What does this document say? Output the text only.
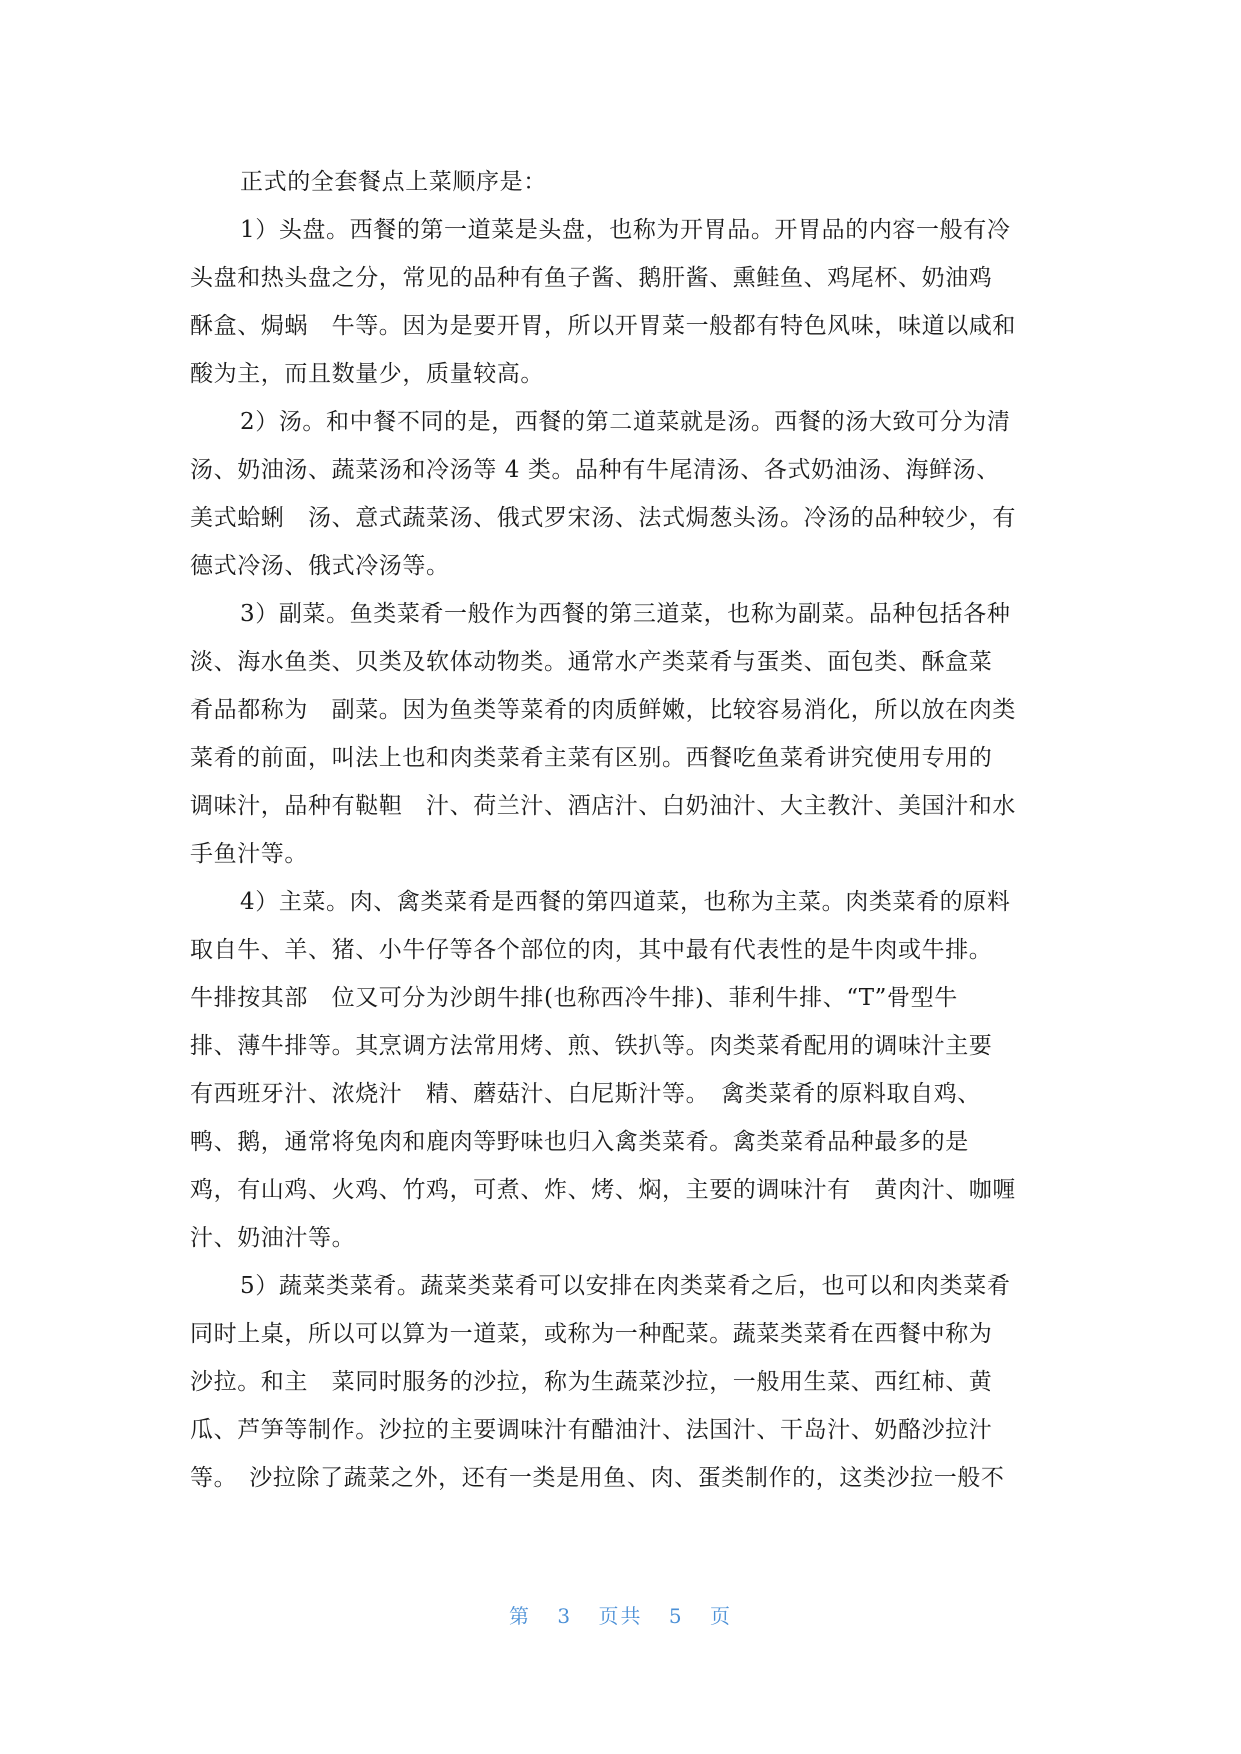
正式的全套餐点上菜顺序是：
1）头盘。西餐的第一道菜是头盘，也称为开胃品。开胃品的内容一般有冷
头盘和热头盘之分，常见的品种有鱼子酱、鹅肝酱、熏鲑鱼、鸡尾杯、奶油鸡
酥盒、焗蜗　牛等。因为是要开胃，所以开胃菜一般都有特色风味，味道以咸和
酸为主，而且数量少，质量较高。
2）汤。和中餐不同的是，西餐的第二道菜就是汤。西餐的汤大致可分为清
汤、奶油汤、蔬菜汤和冷汤等 4 类。品种有牛尾清汤、各式奶油汤、海鲜汤、
美式蛤蜊　汤、意式蔬菜汤、俄式罗宋汤、法式焗葱头汤。冷汤的品种较少，有
德式冷汤、俄式冷汤等。
3）副菜。鱼类菜肴一般作为西餐的第三道菜，也称为副菜。品种包括各种
淡、海水鱼类、贝类及软体动物类。通常水产类菜肴与蛋类、面包类、酥盒菜
肴品都称为　副菜。因为鱼类等菜肴的肉质鲜嫩，比较容易消化，所以放在肉类
菜肴的前面，叫法上也和肉类菜肴主菜有区别。西餐吃鱼菜肴讲究使用专用的
调味汁，品种有鞑靼　汁、荷兰汁、酒店汁、白奶油汁、大主教汁、美国汁和水
手鱼汁等。
4）主菜。肉、禽类菜肴是西餐的第四道菜，也称为主菜。肉类菜肴的原料
取自牛、羊、猪、小牛仔等各个部位的肉，其中最有代表性的是牛肉或牛排。
牛排按其部　位又可分为沙朗牛排(也称西冷牛排)、菲利牛排、“T”骨型牛
排、薄牛排等。其烹调方法常用烤、煎、铁扒等。肉类菜肴配用的调味汁主要
有西班牙汁、浓烧汁　精、蘑菇汁、白尼斯汁等。　禽类菜肴的原料取自鸡、
鸭、鹅，通常将兔肉和鹿肉等野味也归入禽类菜肴。禽类菜肴品种最多的是
鸡，有山鸡、火鸡、竹鸡，可煮、炸、烤、焖，主要的调味汁有　黄肉汁、咖喱
汁、奶油汁等。
5）蔬菜类菜肴。蔬菜类菜肴可以安排在肉类菜肴之后，也可以和肉类菜肴
同时上桌，所以可以算为一道菜，或称为一种配菜。蔬菜类菜肴在西餐中称为
沙拉。和主　菜同时服务的沙拉，称为生蔬菜沙拉，一般用生菜、西红柿、黄
瓜、芦笋等制作。沙拉的主要调味汁有醋油汁、法国汁、干岛汁、奶酪沙拉汁
等。　沙拉除了蔬菜之外，还有一类是用鱼、肉、蛋类制作的，这类沙拉一般不
第 3 页共 5 页
